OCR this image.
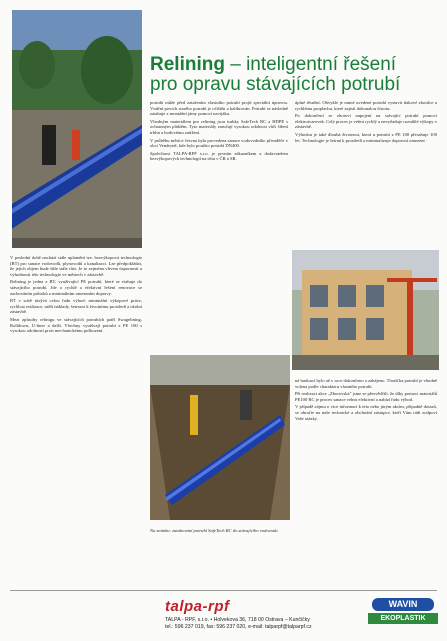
Relining – inteligentní řešení
pro opravu stávajících potrubí

V poslední době nachází stále uplatnění tzv. bezvýkopová technologie (BT) pro sanace vodovodů, plynovodů a kanalizací. Lze předpokládat, že jejich objem bude dále stále růst. Je to zejména vlivem úspornosti a výhodnosti této technologie ve městech v zástavbě.

Relining je jedna z BT, využívající PE potrubí, které se vtahuje do stávajícího potrubí. Jde o rychlé a efektivní řešení renovace se zachováním průtoků a minimálním omezením dopravy.

BT v sobě skrývá celou řadu výhod: minimální výkopové práce, rychlost realizace, nižší náklady, šetrnost k životnímu prostředí a okolní zástavbě.

Mezi způsoby relinigu ve stávajících potrubích patří Swagelining, Rolldown, U-liner a další. Všechny využívají potrubí z PE 100 s vysokou odolností proti mechanickému poškození.

potrubí může před zatažením vlastního potrubí projít speciální úpravou. Vnitřní povrch starého potrubí je očištěn a kalibrován. Potrubí se následně zatahuje z montážní jámy pomocí navijáku.

Vhodným materiálem pro relining jsou trubky SafeTech RC a HDPE s ochranným pláštěm. Tyto materiály zaručují vysokou odolnost vůči šíření trhlin a bodovému zatížení.

V průběhu měsíce června byla provedena sanace vodovodního přivaděče v obci Vendryně, kde bylo použito potrubí DN400.

Společnost TALPA-RPF s.r.o. je prvním zákazníkem a dodavatelem bezvýkopových technologií na trhu v ČR a SR.

úplné těsnění. Obvykle je nutné uvedené potrubí vystavit tlakové zkoušce a rychlému proplachu, které zajistí dokonalou čistotu.

Po dokončení se zhotoví napojení na stávající potrubí pomocí elektrotvarovek. Celý proces je velmi rychlý a nevyžaduje rozsáhlé výkopy v zástavbě.

Výhodou je také dlouhá životnost, která u potrubí z PE 100 přesahuje 100 let. Technologie je šetrná k prostředí a minimalizuje dopravní omezení.

Na snímku: zatahování potrubí SafeTech RC do stávajícího vodovodu

ná budoucí bylo až v roce dokončeno a zahájeno. Tloušťka potrubí je vhodně volena podle charakteru vlastního potrubí.

Při realizaci akce „Zborovská" jsme se přesvědčili, že díky pomoci materiálů PE100 RC je proces sanace velmi efektivní a nabízí řadu výhod.

V případě zájmu o více informací k této nebo jiným akcím, případně dotazů, se obraťte na naše technické a obchodní zástupce, kteří Vám rádi zodpoví Vaše otázky.

talpa-rpf
TALPA - RPF, s.r.o. • Holvekova 36, 718 00 Ostrava – Kunčičky
tel.: 596 237 019, fax: 596 237 020, e-mail: talparpf@talparpf.cz
WAVIN
EKOPLASTIK
